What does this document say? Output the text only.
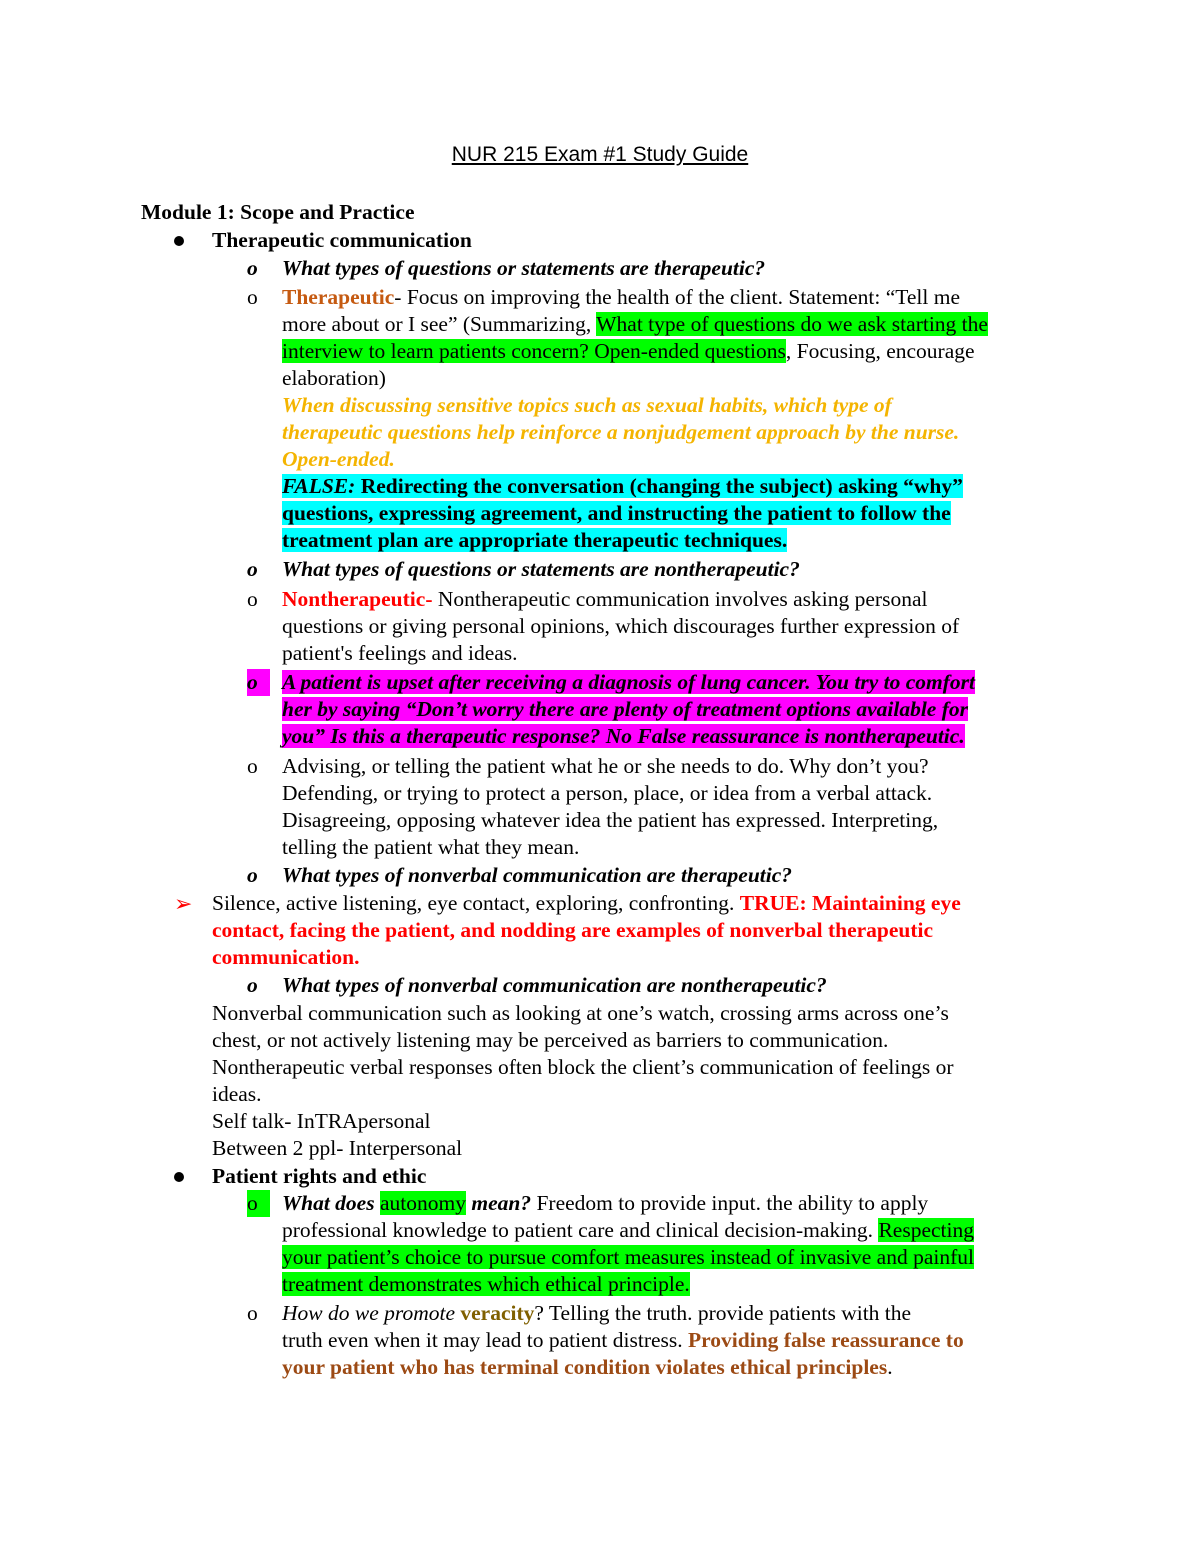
NUR 215 Exam #1 Study Guide
Module 1: Scope and Practice
Therapeutic communication
o What types of questions or statements are therapeutic?
o Therapeutic- Focus on improving the health of the client. Statement: “Tell me
more about or I see” (Summarizing, What type of questions do we ask starting the
interview to learn patients concern? Open-ended questions, Focusing, encourage
elaboration)
When discussing sensitive topics such as sexual habits, which type of
therapeutic questions help reinforce a nonjudgement approach by the nurse.
Open-ended.
FALSE: Redirecting the conversation (changing the subject) asking “why”
questions, expressing agreement, and instructing the patient to follow the
treatment plan are appropriate therapeutic techniques.
o What types of questions or statements are nontherapeutic?
o Nontherapeutic- Nontherapeutic communication involves asking personal
questions or giving personal opinions, which discourages further expression of
patient's feelings and ideas.
o	A patient is upset after receiving a diagnosis of lung cancer. You try to comfort
her by saying “Don’t worry there are plenty of treatment options available for
you” Is this a therapeutic response? No False reassurance is nontherapeutic.
o Advising, or telling the patient what he or she needs to do. Why don’t you?
Defending, or trying to protect a person, place, or idea from a verbal attack.
Disagreeing, opposing whatever idea the patient has expressed. Interpreting,
telling the patient what they mean.
o What types of nonverbal communication are therapeutic?
➢ Silence, active listening, eye contact, exploring, confronting. TRUE: Maintaining eye
contact, facing the patient, and nodding are examples of nonverbal therapeutic
communication.
o What types of nonverbal communication are nontherapeutic?
Nonverbal communication such as looking at one’s watch, crossing arms across one’s
chest, or not actively listening may be perceived as barriers to communication.
Nontherapeutic verbal responses often block the client’s communication of feelings or
ideas.
Self talk- InTRApersonal
Between 2 ppl- Interpersonal
Patient rights and ethic
o	What does autonomy mean? Freedom to provide input. the ability to apply
professional knowledge to patient care and clinical decision-making. Respecting
your patient’s choice to pursue comfort measures instead of invasive and painful
treatment demonstrates which ethical principle.
o How do we promote veracity? Telling the truth. provide patients with the
truth even when it may lead to patient distress. Providing false reassurance to
your patient who has terminal condition violates ethical principles.
